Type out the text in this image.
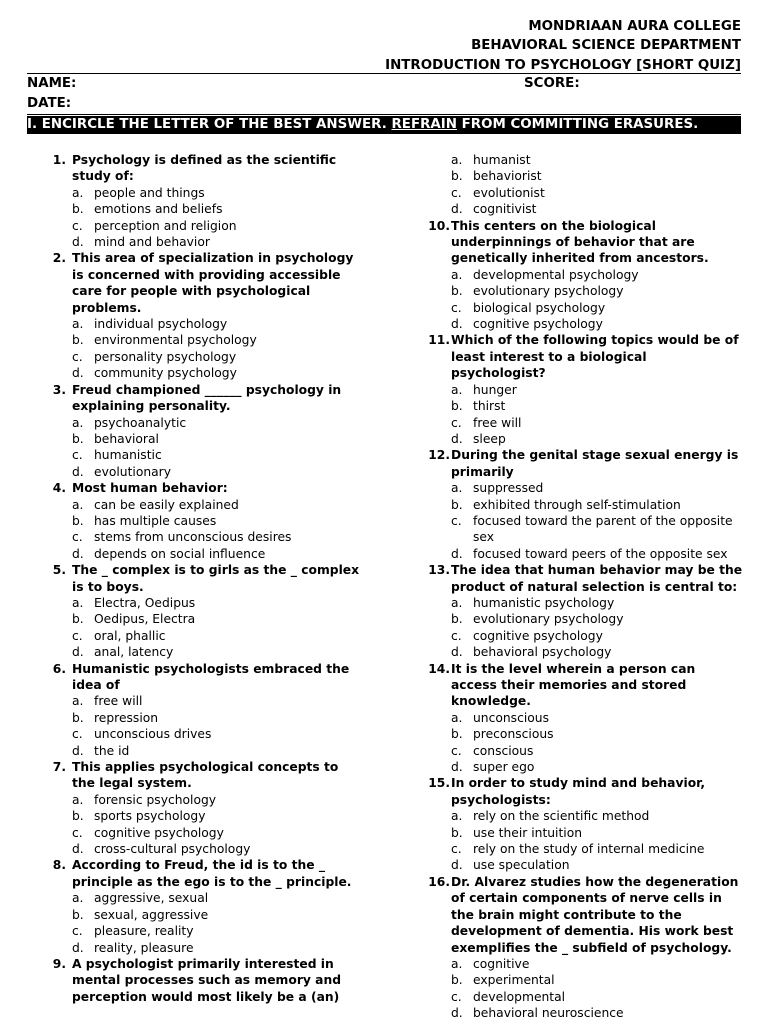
MONDRIAAN AURA COLLEGE
BEHAVIORAL SCIENCE DEPARTMENT
INTRODUCTION TO PSYCHOLOGY [SHORT QUIZ]
NAME:	SCORE:
DATE:
I. ENCIRCLE THE LETTER OF THE BEST ANSWER. REFRAIN FROM COMMITTING ERASURES.
1. Psychology is defined as the scientific study of:
a. people and things
b. emotions and beliefs
c. perception and religion
d. mind and behavior
2. This area of specialization in psychology is concerned with providing accessible care for people with psychological problems.
a. individual psychology
b. environmental psychology
c. personality psychology
d. community psychology
3. Freud championed ______ psychology in explaining personality.
a. psychoanalytic
b. behavioral
c. humanistic
d. evolutionary
4. Most human behavior:
a. can be easily explained
b. has multiple causes
c. stems from unconscious desires
d. depends on social influence
5. The _ complex is to girls as the _ complex is to boys.
a. Electra, Oedipus
b. Oedipus, Electra
c. oral, phallic
d. anal, latency
6. Humanistic psychologists embraced the idea of
a. free will
b. repression
c. unconscious drives
d. the id
7. This applies psychological concepts to the legal system.
a. forensic psychology
b. sports psychology
c. cognitive psychology
d. cross-cultural psychology
8. According to Freud, the id is to the _ principle as the ego is to the _ principle.
a. aggressive, sexual
b. sexual, aggressive
c. pleasure, reality
d. reality, pleasure
9. A psychologist primarily interested in mental processes such as memory and perception would most likely be a (an)
a. humanist
b. behaviorist
c. evolutionist
d. cognitivist
10. This centers on the biological underpinnings of behavior that are genetically inherited from ancestors.
a. developmental psychology
b. evolutionary psychology
c. biological psychology
d. cognitive psychology
11. Which of the following topics would be of least interest to a biological psychologist?
a. hunger
b. thirst
c. free will
d. sleep
12. During the genital stage sexual energy is primarily
a. suppressed
b. exhibited through self-stimulation
c. focused toward the parent of the opposite sex
d. focused toward peers of the opposite sex
13. The idea that human behavior may be the product of natural selection is central to:
a. humanistic psychology
b. evolutionary psychology
c. cognitive psychology
d. behavioral psychology
14. It is the level wherein a person can access their memories and stored knowledge.
a. unconscious
b. preconscious
c. conscious
d. super ego
15. In order to study mind and behavior, psychologists:
a. rely on the scientific method
b. use their intuition
c. rely on the study of internal medicine
d. use speculation
16. Dr. Alvarez studies how the degeneration of certain components of nerve cells in the brain might contribute to the development of dementia. His work best exemplifies the _ subfield of psychology.
a. cognitive
b. experimental
c. developmental
d. behavioral neuroscience
